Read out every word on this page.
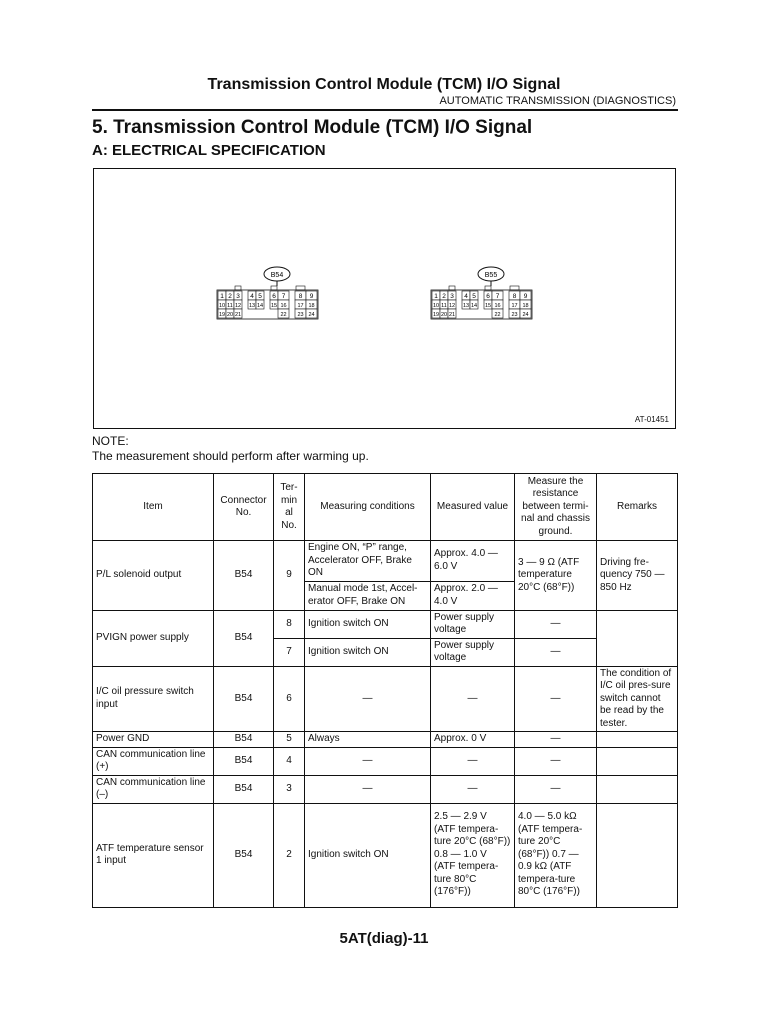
Transmission Control Module (TCM) I/O Signal
AUTOMATIC TRANSMISSION (DIAGNOSTICS)
5. Transmission Control Module (TCM) I/O Signal
A: ELECTRICAL SPECIFICATION
B54
1 2 3 4 5 6 7 8 9
10 11 12 13 14 15 16 17 18
19 20 21	22 23 24
B55
1 2 3 4 5 6 7 8 9
10 11 12 13 14 15 16 17 18
19 20 21	22 23 24
AT-01451
NOTE:
The measurement should perform after warming up.
Item	Connector No.	Ter-min al No.	Measuring conditions	Measured value	Measure the resistance between termi-nal and chassis ground.	Remarks
P/L solenoid output	B54	9	Engine ON, “P” range, Accelerator OFF, Brake ON	Approx. 4.0 — 6.0 V	3 — 9 Ω (ATF temperature 20°C (68°F))	Driving fre-quency 750 — 850 Hz
			Manual mode 1st, Accel-erator OFF, Brake ON	Approx. 2.0 — 4.0 V		
PVIGN power supply	B54	8	Ignition switch ON	Power supply voltage	—	
		7	Ignition switch ON	Power supply voltage	—	
I/C oil pressure switch input	B54	6	—	—	—	The condition of I/C oil pres-sure switch cannot be read by the tester.
Power GND	B54	5	Always	Approx. 0 V	—	
CAN communication line (+)	B54	4	—	—	—	
CAN communication line (–)	B54	3	—	—	—	
ATF temperature sensor 1 input	B54	2	Ignition switch ON	2.5 — 2.9 V (ATF tempera-ture 20°C (68°F)) 0.8 — 1.0 V (ATF tempera-ture 80°C (176°F))	4.0 — 5.0 kΩ (ATF tempera-ture 20°C (68°F)) 0.7 — 0.9 kΩ (ATF tempera-ture 80°C (176°F))	
5AT(diag)-11
